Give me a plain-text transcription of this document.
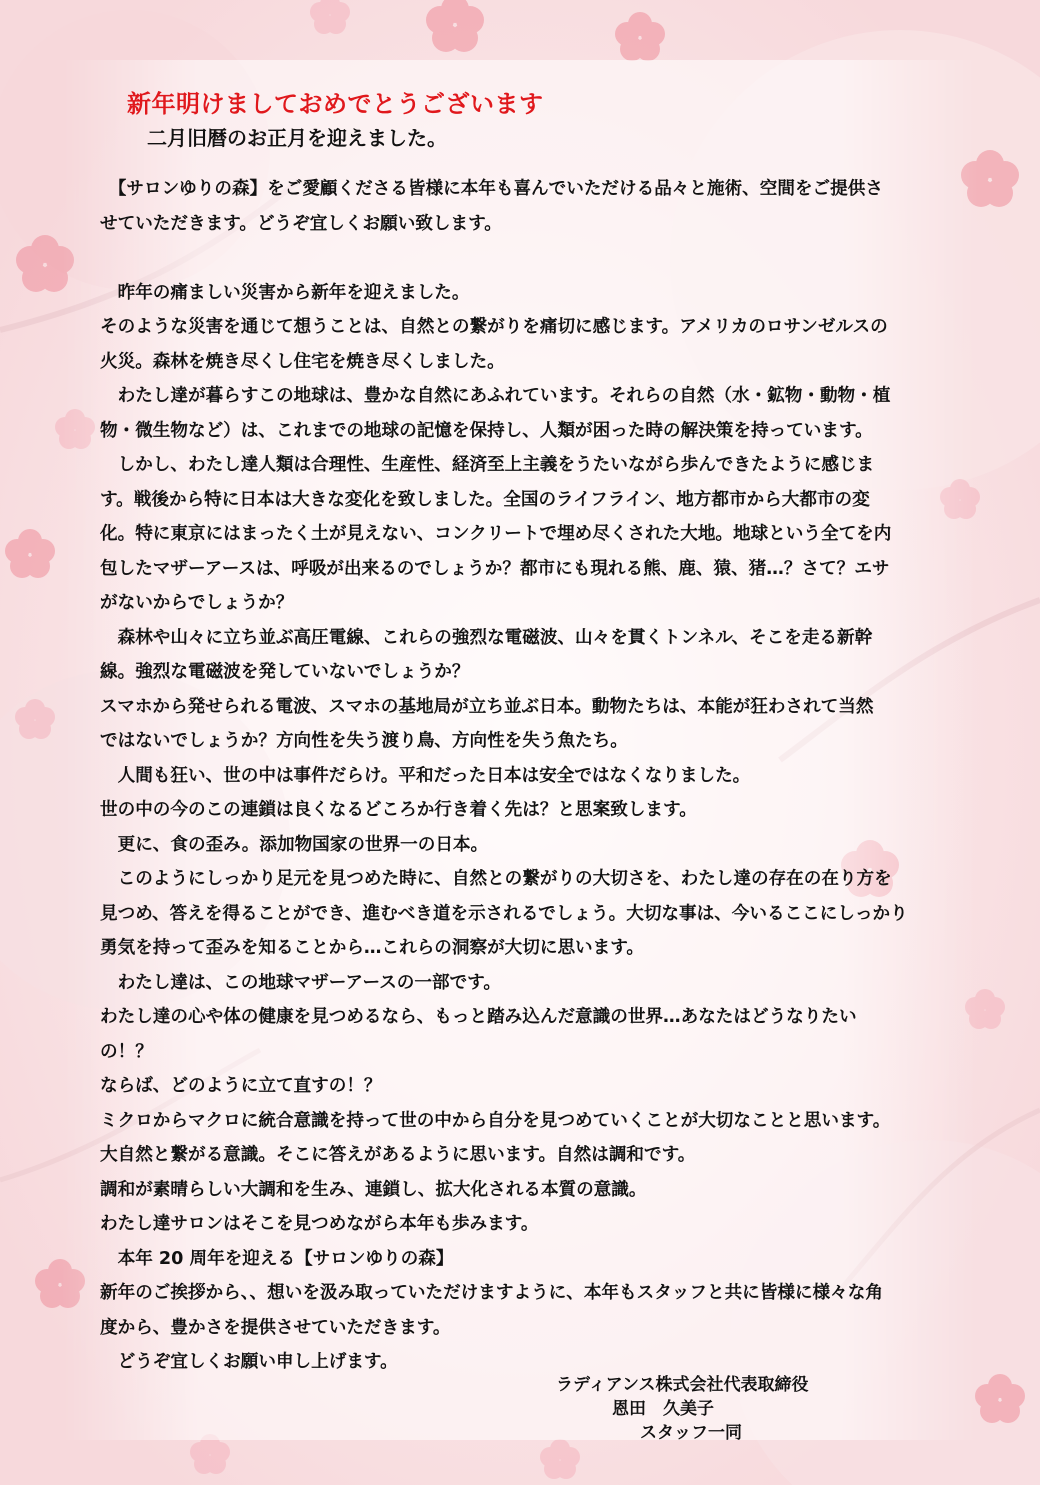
新年明けましておめでとうございます
二月旧暦のお正月を迎えました。

　【サロンゆりの森】をご愛顧くださる皆様に本年も喜んでいただける品々と施術、空間をご提供さ

せていただきます。どうぞ宜しくお願い致します。

　昨年の痛ましい災害から新年を迎えました。

そのような災害を通じて想うことは、自然との繋がりを痛切に感じます。アメリカのロサンゼルスの

火災。森林を焼き尽くし住宅を焼き尽くしました。

　わたし達が暮らすこの地球は、豊かな自然にあふれています。それらの自然（水・鉱物・動物・植

物・微生物など）は、これまでの地球の記憶を保持し、人類が困った時の解決策を持っています。

　しかし、わたし達人類は合理性、生産性、経済至上主義をうたいながら歩んできたように感じま

す。戦後から特に日本は大きな変化を致しました。全国のライフライン、地方都市から大都市の変

化。特に東京にはまったく土が見えない、コンクリートで埋め尽くされた大地。地球という全てを内

包したマザーアースは、呼吸が出来るのでしょうか？都市にも現れる熊、鹿、猿、猪…？さて？エサ

がないからでしょうか？

　森林や山々に立ち並ぶ高圧電線、これらの強烈な電磁波、山々を貫くトンネル、そこを走る新幹

線。強烈な電磁波を発していないでしょうか？

スマホから発せられる電波、スマホの基地局が立ち並ぶ日本。動物たちは、本能が狂わされて当然

ではないでしょうか？方向性を失う渡り鳥、方向性を失う魚たち。

　人間も狂い、世の中は事件だらけ。平和だった日本は安全ではなくなりました。

世の中の今のこの連鎖は良くなるどころか行き着く先は？と思案致します。

　更に、食の歪み。添加物国家の世界一の日本。

　このようにしっかり足元を見つめた時に、自然との繋がりの大切さを、わたし達の存在の在り方を

見つめ、答えを得ることができ、進むべき道を示されるでしょう。大切な事は、今いるここにしっかり

勇気を持って歪みを知ることから…これらの洞察が大切に思います。

　わたし達は、この地球マザーアースの一部です。

わたし達の心や体の健康を見つめるなら、もっと踏み込んだ意識の世界…あなたはどうなりたい

の！？

ならば、どのように立て直すの！？

ミクロからマクロに統合意識を持って世の中から自分を見つめていくことが大切なことと思います。

大自然と繋がる意識。そこに答えがあるように思います。自然は調和です。

調和が素晴らしい大調和を生み、連鎖し、拡大化される本質の意識。

わたし達サロンはそこを見つめながら本年も歩みます。

　本年 20 周年を迎える【サロンゆりの森】

新年のご挨拶から、、想いを汲み取っていただけますように、本年もスタッフと共に皆様に様々な角

度から、豊かさを提供させていただきます。

　どうぞ宜しくお願い申し上げます。

ラディアンス株式会社代表取締役
恩田　久美子
スタッフ一同
